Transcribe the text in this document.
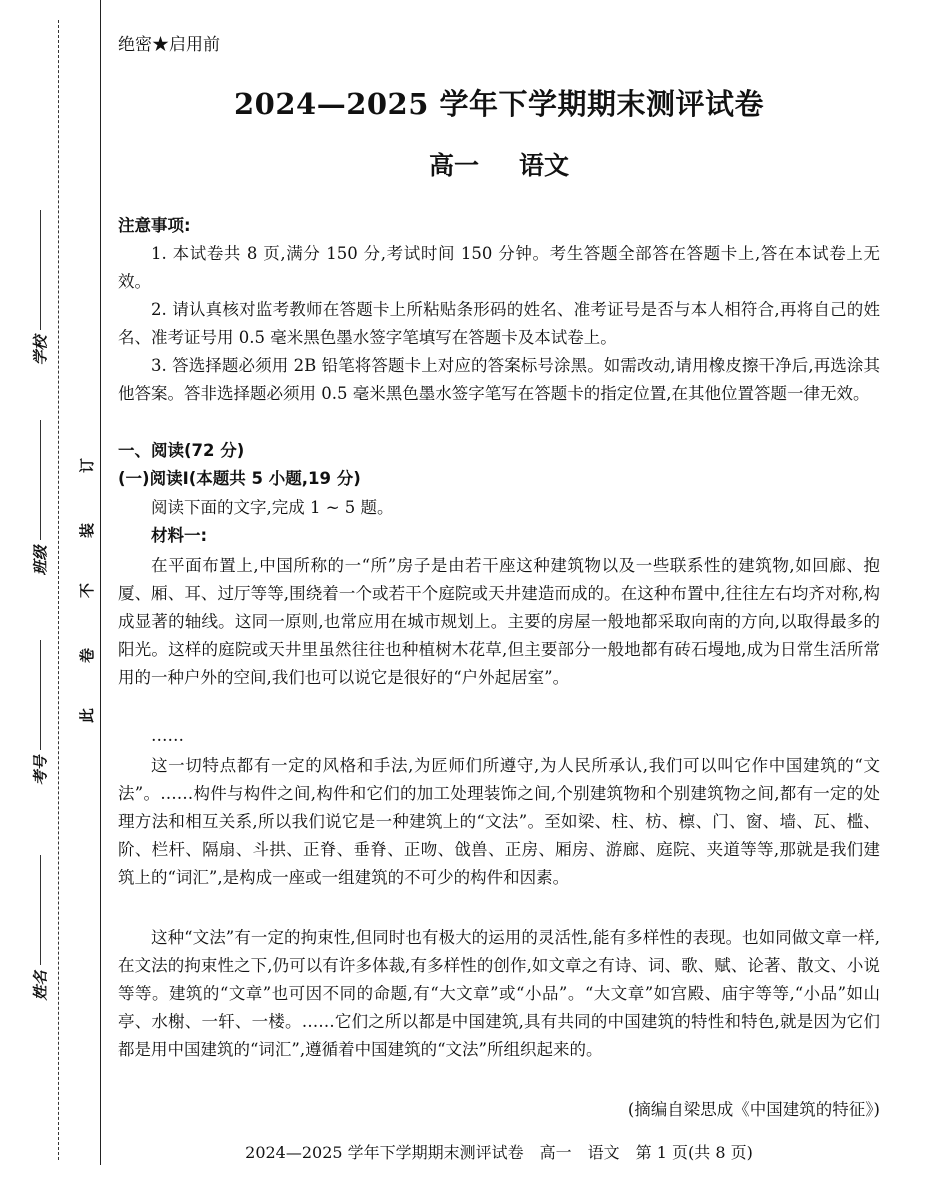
学校
班级
考号
姓名
订
装
不
卷
此
绝密★启用前
2024—2025 学年下学期期末测评试卷
高一 语文
注意事项:
1. 本试卷共 8 页,满分 150 分,考试时间 150 分钟。考生答题全部答在答题卡上,答在本试卷上无效。
2. 请认真核对监考教师在答题卡上所粘贴条形码的姓名、准考证号是否与本人相符合,再将自己的姓名、准考证号用 0.5 毫米黑色墨水签字笔填写在答题卡及本试卷上。
3. 答选择题必须用 2B 铅笔将答题卡上对应的答案标号涂黑。如需改动,请用橡皮擦干净后,再选涂其他答案。答非选择题必须用 0.5 毫米黑色墨水签字笔写在答题卡的指定位置,在其他位置答题一律无效。
一、阅读(72 分)
(一)阅读Ⅰ(本题共 5 小题,19 分)
阅读下面的文字,完成 1 ~ 5 题。
材料一:
在平面布置上,中国所称的一“所”房子是由若干座这种建筑物以及一些联系性的建筑物,如回廊、抱厦、厢、耳、过厅等等,围绕着一个或若干个庭院或天井建造而成的。在这种布置中,往往左右均齐对称,构成显著的轴线。这同一原则,也常应用在城市规划上。主要的房屋一般地都采取向南的方向,以取得最多的阳光。这样的庭院或天井里虽然往往也种植树木花草,但主要部分一般地都有砖石墁地,成为日常生活所常用的一种户外的空间,我们也可以说它是很好的“户外起居室”。
……
这一切特点都有一定的风格和手法,为匠师们所遵守,为人民所承认,我们可以叫它作中国建筑的“文法”。……构件与构件之间,构件和它们的加工处理装饰之间,个别建筑物和个别建筑物之间,都有一定的处理方法和相互关系,所以我们说它是一种建筑上的“文法”。至如梁、柱、枋、檩、门、窗、墙、瓦、槛、阶、栏杆、隔扇、斗拱、正脊、垂脊、正吻、戗兽、正房、厢房、游廊、庭院、夹道等等,那就是我们建筑上的“词汇”,是构成一座或一组建筑的不可少的构件和因素。
这种“文法”有一定的拘束性,但同时也有极大的运用的灵活性,能有多样性的表现。也如同做文章一样,在文法的拘束性之下,仍可以有许多体裁,有多样性的创作,如文章之有诗、词、歌、赋、论著、散文、小说等等。建筑的“文章”也可因不同的命题,有“大文章”或“小品”。“大文章”如宫殿、庙宇等等,“小品”如山亭、水榭、一轩、一楼。……它们之所以都是中国建筑,具有共同的中国建筑的特性和特色,就是因为它们都是用中国建筑的“词汇”,遵循着中国建筑的“文法”所组织起来的。
(摘编自梁思成《中国建筑的特征》)
2024—2025 学年下学期期末测评试卷　高一　语文　第 1 页(共 8 页)
